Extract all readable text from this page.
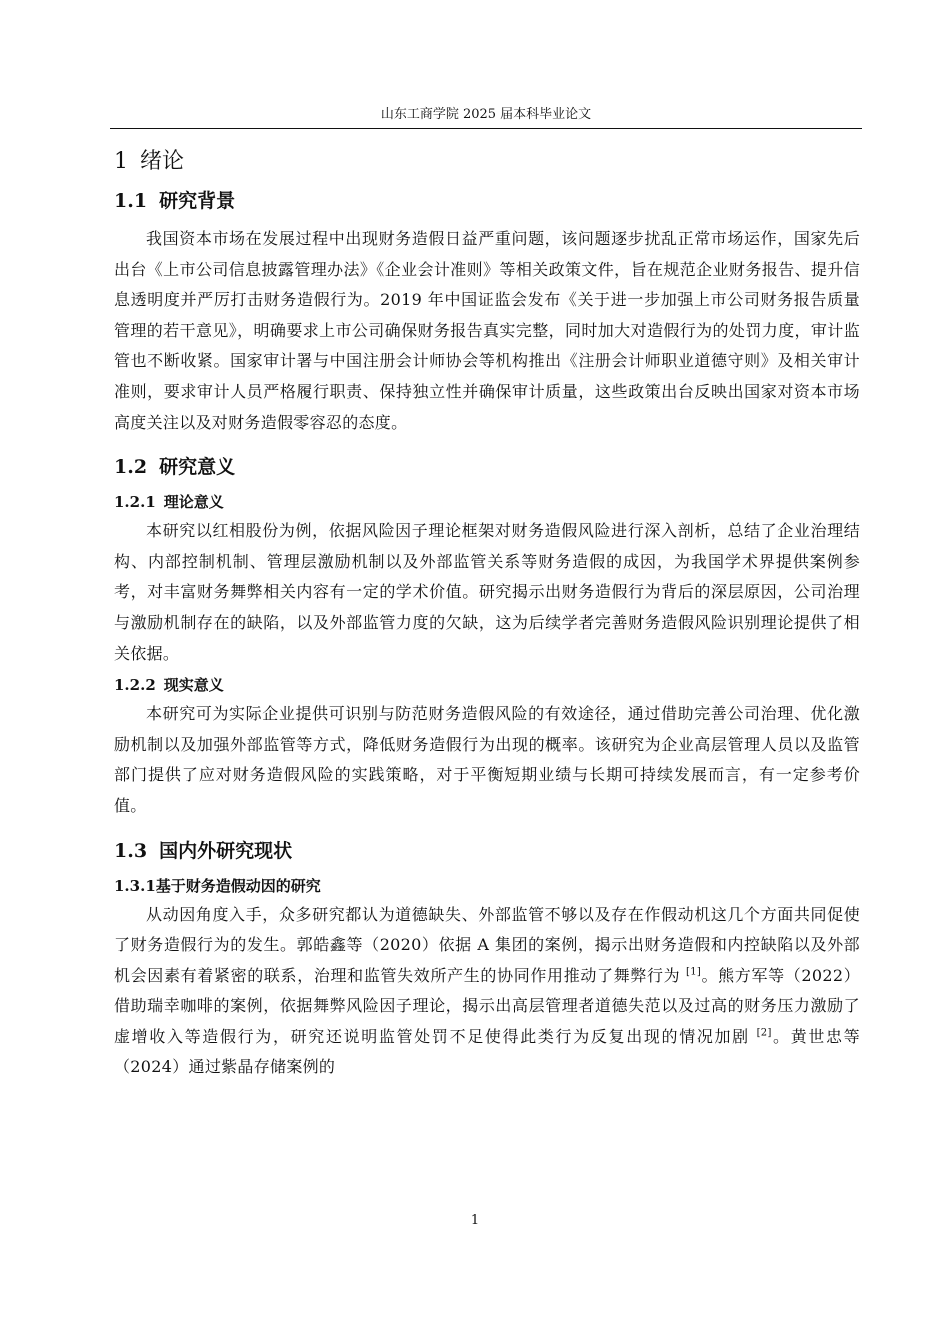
山东工商学院 2025 届本科毕业论文
1 绪论
1.1 研究背景

我国资本市场在发展过程中出现财务造假日益严重问题，该问题逐步扰乱正常市场运作，国家先后出台《上市公司信息披露管理办法》《企业会计准则》等相关政策文件，旨在规范企业财务报告、提升信息透明度并严厉打击财务造假行为。2019 年中国证监会发布《关于进一步加强上市公司财务报告质量管理的若干意见》，明确要求上市公司确保财务报告真实完整，同时加大对造假行为的处罚力度，审计监管也不断收紧。国家审计署与中国注册会计师协会等机构推出《注册会计师职业道德守则》及相关审计准则，要求审计人员严格履行职责、保持独立性并确保审计质量，这些政策出台反映出国家对资本市场高度关注以及对财务造假零容忍的态度。

1.2 研究意义
1.2.1 理论意义

本研究以红相股份为例，依据风险因子理论框架对财务造假风险进行深入剖析，总结了企业治理结构、内部控制机制、管理层激励机制以及外部监管关系等财务造假的成因，为我国学术界提供案例参考，对丰富财务舞弊相关内容有一定的学术价值。研究揭示出财务造假行为背后的深层原因，公司治理与激励机制存在的缺陷，以及外部监管力度的欠缺，这为后续学者完善财务造假风险识别理论提供了相关依据。

1.2.2 现实意义

本研究可为实际企业提供可识别与防范财务造假风险的有效途径，通过借助完善公司治理、优化激励机制以及加强外部监管等方式，降低财务造假行为出现的概率。该研究为企业高层管理人员以及监管部门提供了应对财务造假风险的实践策略，对于平衡短期业绩与长期可持续发展而言，有一定参考价值。

1.3 国内外研究现状
1.3.1基于财务造假动因的研究

从动因角度入手，众多研究都认为道德缺失、外部监管不够以及存在作假动机这几个方面共同促使了财务造假行为的发生。郭皓鑫等（2020）依据 A 集团的案例，揭示出财务造假和内控缺陷以及外部机会因素有着紧密的联系，治理和监管失效所产生的协同作用推动了舞弊行为 [1]。熊方军等（2022）借助瑞幸咖啡的案例，依据舞弊风险因子理论，揭示出高层管理者道德失范以及过高的财务压力激励了虚增收入等造假行为，研究还说明监管处罚不足使得此类行为反复出现的情况加剧 [2]。黄世忠等（2024）通过紫晶存储案例的

1
